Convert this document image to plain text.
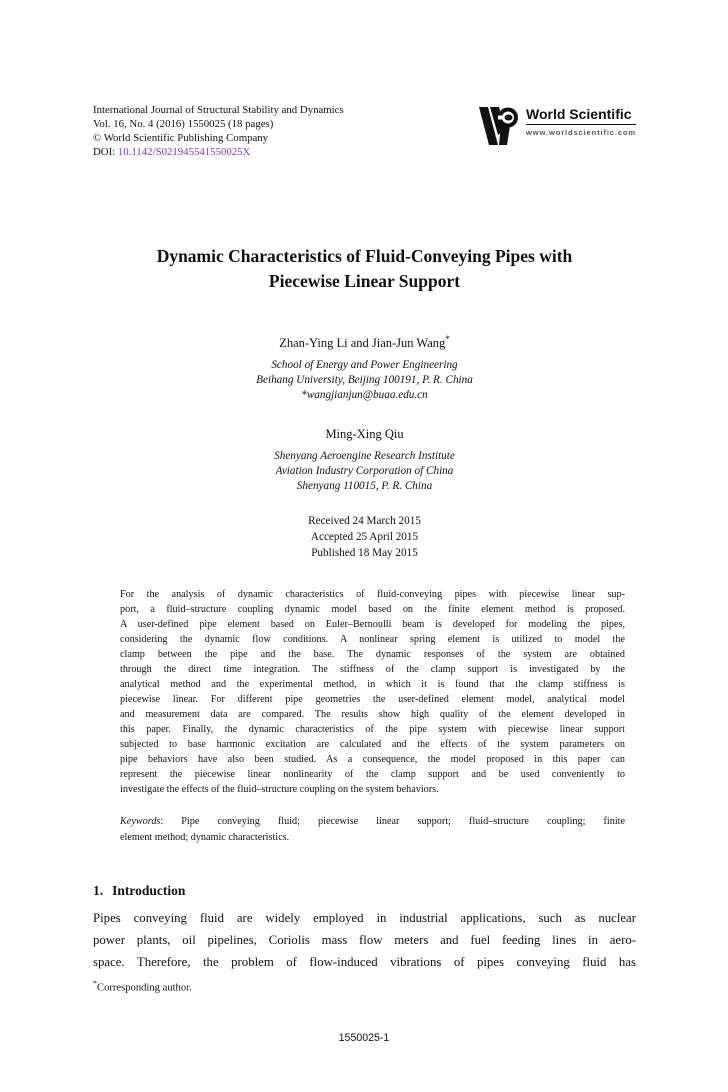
International Journal of Structural Stability and Dynamics
Vol. 16, No. 4 (2016) 1550025 (18 pages)
© World Scientific Publishing Company
DOI: 10.1142/S021945541550025X
World Scientific
www.worldscientific.com
Dynamic Characteristics of Fluid-Conveying Pipes with
Piecewise Linear Support
Zhan-Ying Li and Jian-Jun Wang*
School of Energy and Power Engineering
Beihang University, Beijing 100191, P. R. China
*wangjianjun@buaa.edu.cn
Ming-Xing Qiu
Shenyang Aeroengine Research Institute
Aviation Industry Corporation of China
Shenyang 110015, P. R. China
Received 24 March 2015
Accepted 25 April 2015
Published 18 May 2015
For the analysis of dynamic characteristics of fluid-conveying pipes with piecewise linear sup-
port, a fluid–structure coupling dynamic model based on the finite element method is proposed.
A user-defined pipe element based on Euler–Bernoulli beam is developed for modeling the pipes,
considering the dynamic flow conditions. A nonlinear spring element is utilized to model the
clamp between the pipe and the base. The dynamic responses of the system are obtained
through the direct time integration. The stiffness of the clamp support is investigated by the
analytical method and the experimental method, in which it is found that the clamp stiffness is
piecewise linear. For different pipe geometries the user-defined element model, analytical model
and measurement data are compared. The results show high quality of the element developed in
this paper. Finally, the dynamic characteristics of the pipe system with piecewise linear support
subjected to base harmonic excitation are calculated and the effects of the system parameters on
pipe behaviors have also been studied. As a consequence, the model proposed in this paper can
represent the piecewise linear nonlinearity of the clamp support and be used conveniently to
investigate the effects of the fluid–structure coupling on the system behaviors.
Keywords: Pipe conveying fluid; piecewise linear support; fluid–structure coupling; finite
element method; dynamic characteristics.
1. Introduction
Pipes conveying fluid are widely employed in industrial applications, such as nuclear
power plants, oil pipelines, Coriolis mass flow meters and fuel feeding lines in aero-
space. Therefore, the problem of flow-induced vibrations of pipes conveying fluid has
*Corresponding author.
1550025-1
